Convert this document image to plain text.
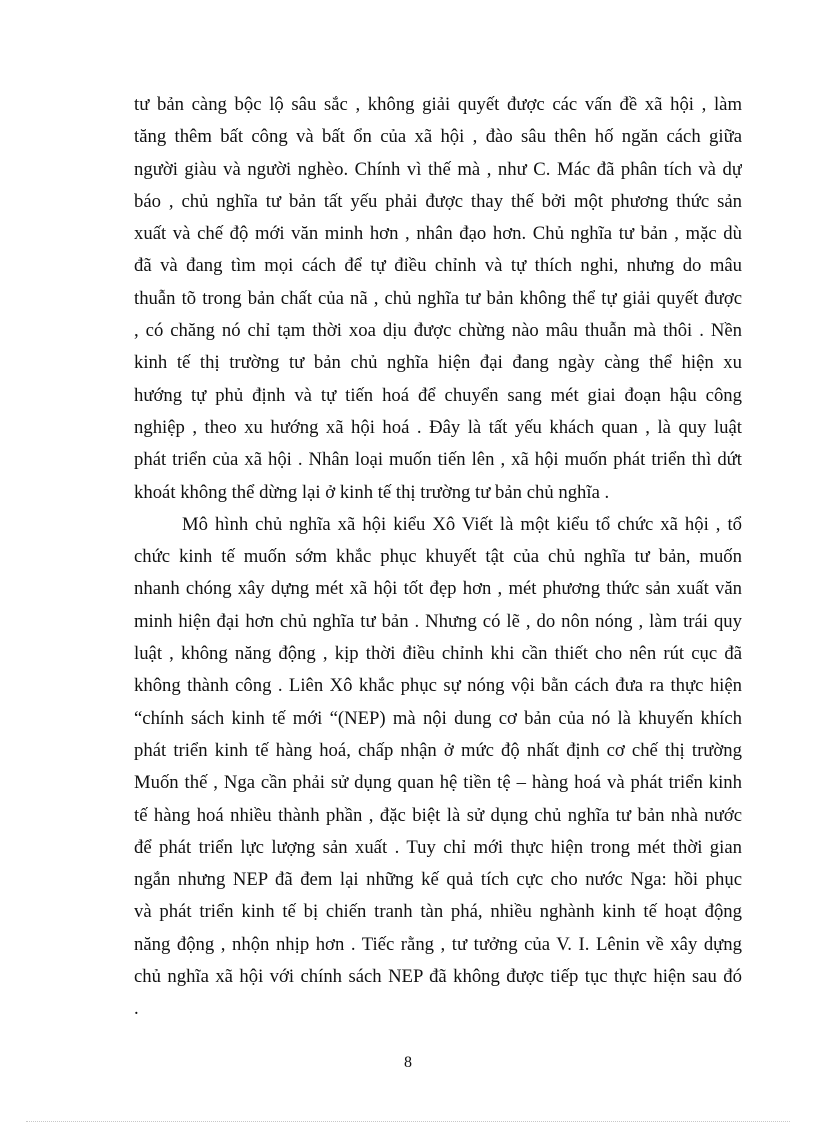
tư bản càng bộc lộ sâu sắc , không giải quyết được các vấn đề xã hội , làm
tăng thêm bất công và bất ổn của xã hội , đào sâu thên hố ngăn cách giữa
người giàu và người nghèo. Chính vì thế mà , như C. Mác đã phân tích và dự
báo , chủ nghĩa tư bản tất yếu phải được thay thế bởi một phương thức sản
xuất và chế độ mới văn minh hơn , nhân đạo hơn. Chủ nghĩa tư bản , mặc dù
đã và đang tìm mọi cách để tự điều chỉnh và tự thích nghi, nhưng do mâu
thuẫn tõ trong bản chất của nã , chủ nghĩa tư bản không thể tự giải quyết được
, có chăng nó chỉ tạm thời xoa dịu được chừng nào mâu thuẫn mà thôi . Nền
kinh tế thị trường tư bản chủ nghĩa hiện đại đang ngày càng thể hiện xu
hướng tự phủ định và tự tiến hoá để chuyển sang mét giai đoạn hậu công
nghiệp , theo xu hướng xã hội hoá . Đây là tất yếu khách quan , là quy luật
phát triển của xã hội . Nhân loại muốn tiến lên , xã hội muốn phát triển thì dứt
khoát không thể dừng lại ở kinh tế thị trường tư bản chủ nghĩa .
Mô hình chủ nghĩa xã hội kiểu Xô Viết là một kiểu tổ chức xã hội , tổ
chức kinh tế muốn sớm khắc phục khuyết tật của chủ nghĩa tư bản, muốn
nhanh chóng xây dựng mét xã hội tốt đẹp hơn , mét phương thức sản xuất văn
minh hiện đại hơn chủ nghĩa tư bản . Nhưng có lẽ , do nôn nóng , làm trái quy
luật , không năng động , kịp thời điều chỉnh khi cần thiết cho nên rút cục đã
không thành công . Liên Xô khắc phục sự nóng vội bằn cách đưa ra thực hiện
“chính sách kinh tế mới “(NEP) mà nội dung cơ bản của nó là khuyến khích
phát triển kinh tế hàng hoá, chấp nhận ở mức độ nhất định cơ chế thị trường
Muốn thế , Nga cần phải sử dụng quan hệ tiền tệ – hàng hoá và phát triển kinh
tế hàng hoá nhiều thành phần , đặc biệt là sử dụng chủ nghĩa tư bản nhà nước
để phát triển lực lượng sản xuất . Tuy chỉ mới thực hiện trong mét thời gian
ngắn nhưng NEP đã đem lại những kế quả tích cực cho nước Nga: hồi phục
và phát triển kinh tế bị chiến tranh tàn phá, nhiều nghành kinh tế hoạt động
năng động , nhộn nhịp hơn . Tiếc rằng , tư tưởng của V. I. Lênin về xây dựng
chủ nghĩa xã hội với chính sách NEP đã không được tiếp tục thực hiện sau đó
.
8
